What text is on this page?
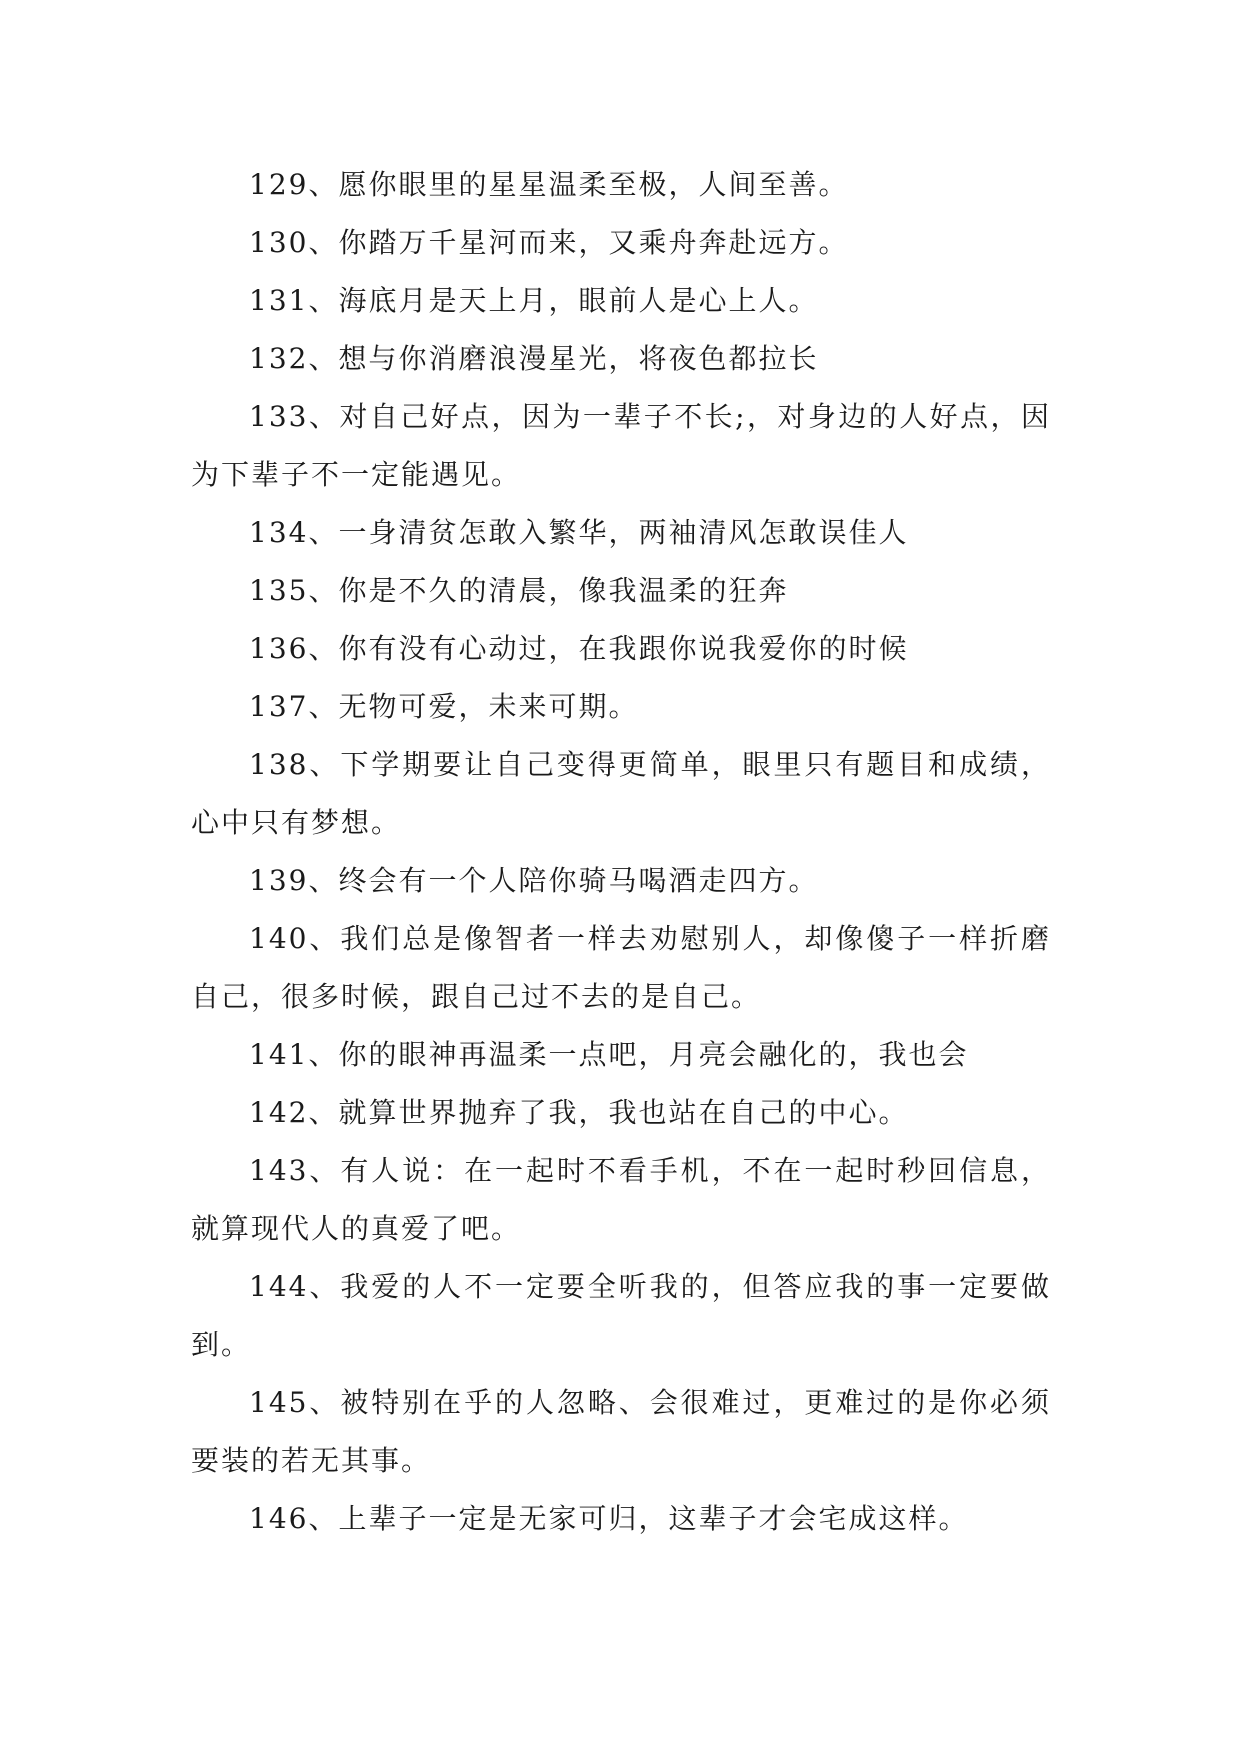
129、愿你眼里的星星温柔至极，人间至善。

130、你踏万千星河而来，又乘舟奔赴远方。

131、海底月是天上月，眼前人是心上人。

132、想与你消磨浪漫星光，将夜色都拉长

133、对自己好点，因为一辈子不长;，对身边的人好点，因为下辈子不一定能遇见。

134、一身清贫怎敢入繁华，两袖清风怎敢误佳人

135、你是不久的清晨，像我温柔的狂奔

136、你有没有心动过，在我跟你说我爱你的时候

137、无物可爱，未来可期。

138、下学期要让自己变得更简单，眼里只有题目和成绩，心中只有梦想。

139、终会有一个人陪你骑马喝酒走四方。

140、我们总是像智者一样去劝慰别人，却像傻子一样折磨自己，很多时候，跟自己过不去的是自己。

141、你的眼神再温柔一点吧，月亮会融化的，我也会

142、就算世界抛弃了我，我也站在自己的中心。

143、有人说：在一起时不看手机，不在一起时秒回信息，就算现代人的真爱了吧。

144、我爱的人不一定要全听我的，但答应我的事一定要做到。

145、被特别在乎的人忽略、会很难过，更难过的是你必须要装的若无其事。

146、上辈子一定是无家可归，这辈子才会宅成这样。
